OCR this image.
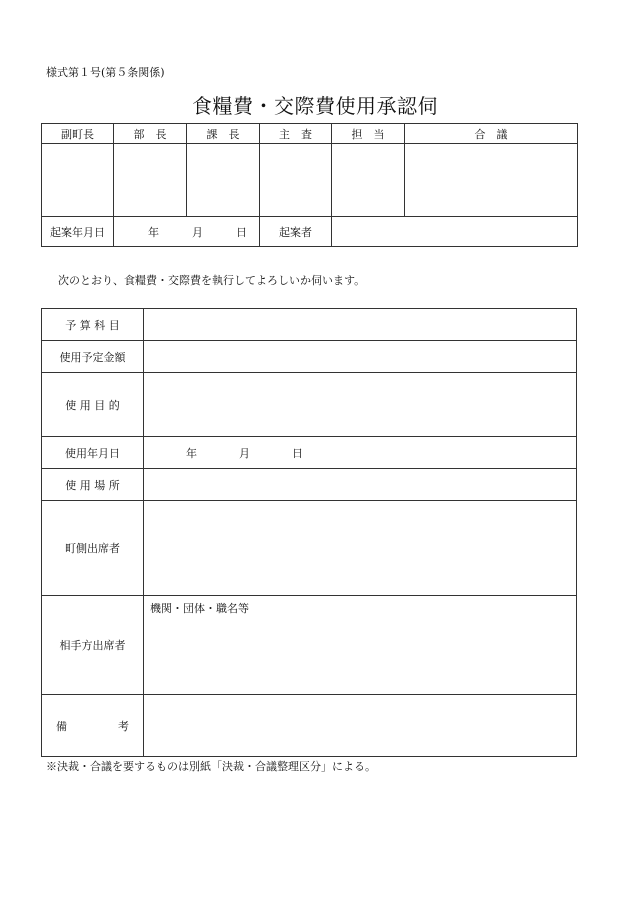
様式第１号(第５条関係)
食糧費・交際費使用承認伺
副町長	部　長	課　長	主　査	担　当	合　議

起案年月日	年 月 日		起案者		
次のとおり、食糧費・交際費を執行してよろしいか伺います。
予 算 科 目	
使用予定金額	
使 用 目 的	
使用年月日	年 月 日

使 用 場 所	
町側出席者	
相手方出席者	機関・団体・職名等

備 考	

※決裁・合議を要するものは別紙「決裁・合議整理区分」による。
